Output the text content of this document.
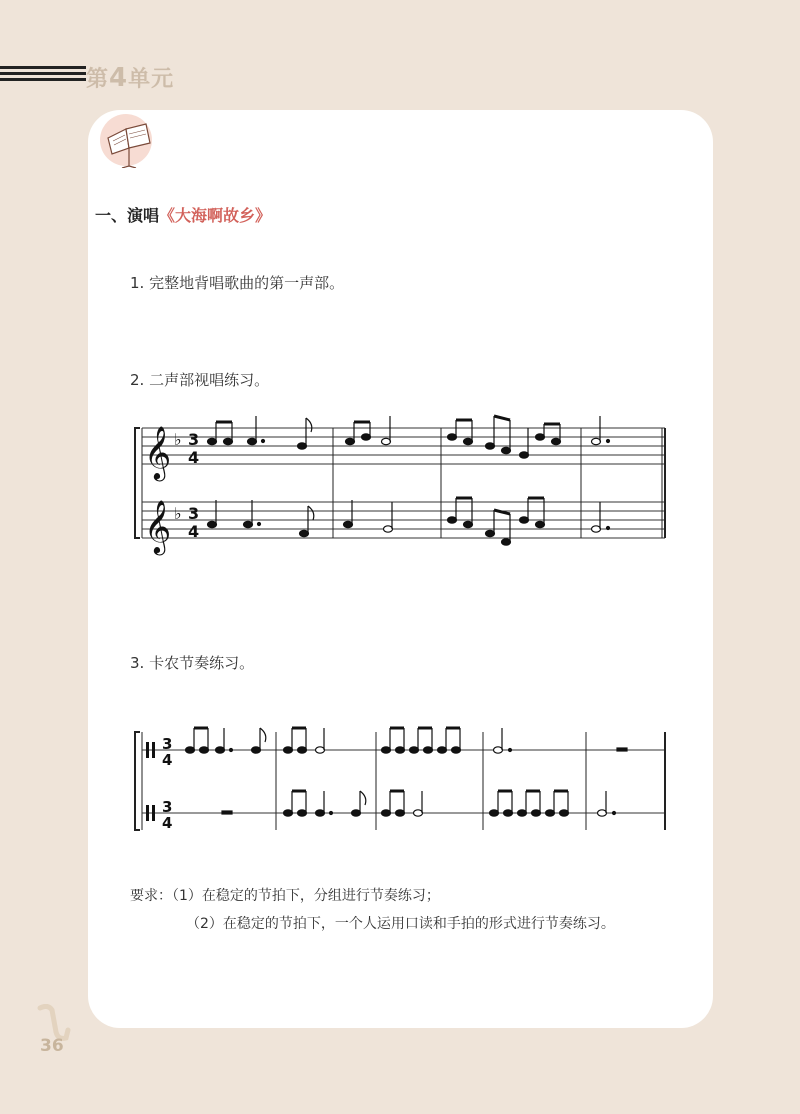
第4单元
一、演唱《大海啊故乡》
1. 完整地背唱歌曲的第一声部。
2. 二声部视唱练习。
3. 卡农节奏练习。
𝄞
𝄞
♭
♭
3
4
3
4
3
4
3
4
要求：（1）在稳定的节拍下，分组进行节奏练习；
（2）在稳定的节拍下，一个人运用口读和手拍的形式进行节奏练习。
36
